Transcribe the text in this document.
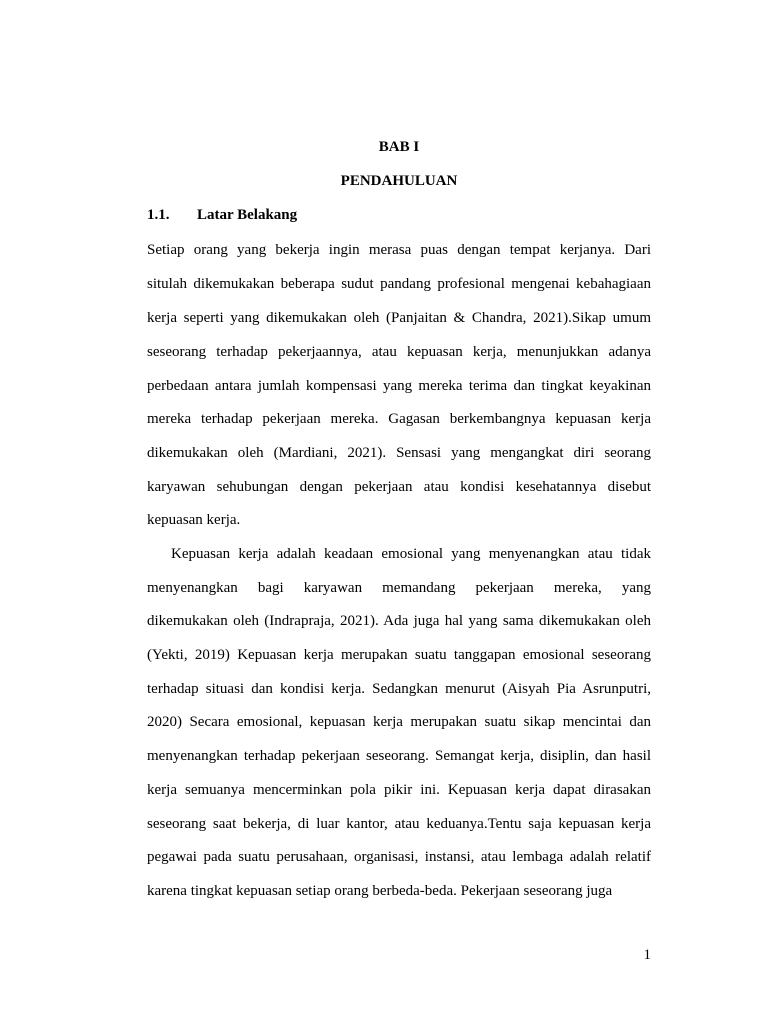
BAB I
PENDAHULUAN
1.1. Latar Belakang
Setiap orang yang bekerja ingin merasa puas dengan tempat kerjanya. Dari
situlah dikemukakan beberapa sudut pandang profesional mengenai kebahagiaan
kerja seperti yang dikemukakan oleh (Panjaitan & Chandra, 2021).Sikap umum
seseorang terhadap pekerjaannya, atau kepuasan kerja, menunjukkan adanya
perbedaan antara jumlah kompensasi yang mereka terima dan tingkat keyakinan
mereka terhadap pekerjaan mereka. Gagasan berkembangnya kepuasan kerja
dikemukakan oleh (Mardiani, 2021). Sensasi yang mengangkat diri seorang
karyawan sehubungan dengan pekerjaan atau kondisi kesehatannya disebut
kepuasan kerja.
Kepuasan kerja adalah keadaan emosional yang menyenangkan atau tidak
menyenangkan bagi karyawan memandang pekerjaan mereka, yang
dikemukakan oleh (Indrapraja, 2021). Ada juga hal yang sama dikemukakan oleh
(Yekti, 2019) Kepuasan kerja merupakan suatu tanggapan emosional seseorang
terhadap situasi dan kondisi kerja. Sedangkan menurut (Aisyah Pia Asrunputri,
2020) Secara emosional, kepuasan kerja merupakan suatu sikap mencintai dan
menyenangkan terhadap pekerjaan seseorang. Semangat kerja, disiplin, dan hasil
kerja semuanya mencerminkan pola pikir ini. Kepuasan kerja dapat dirasakan
seseorang saat bekerja, di luar kantor, atau keduanya.Tentu saja kepuasan kerja
pegawai pada suatu perusahaan, organisasi, instansi, atau lembaga adalah relatif
karena tingkat kepuasan setiap orang berbeda-beda. Pekerjaan seseorang juga
1
